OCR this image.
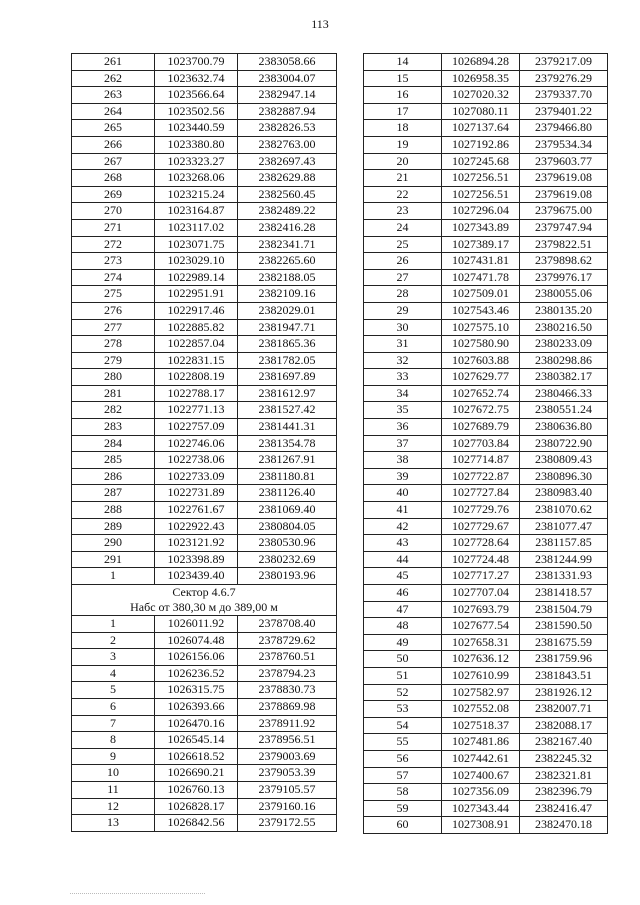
113
261	1023700.79	2383058.66
262	1023632.74	2383004.07
263	1023566.64	2382947.14
264	1023502.56	2382887.94
265	1023440.59	2382826.53
266	1023380.80	2382763.00
267	1023323.27	2382697.43
268	1023268.06	2382629.88
269	1023215.24	2382560.45
270	1023164.87	2382489.22
271	1023117.02	2382416.28
272	1023071.75	2382341.71
273	1023029.10	2382265.60
274	1022989.14	2382188.05
275	1022951.91	2382109.16
276	1022917.46	2382029.01
277	1022885.82	2381947.71
278	1022857.04	2381865.36
279	1022831.15	2381782.05
280	1022808.19	2381697.89
281	1022788.17	2381612.97
282	1022771.13	2381527.42
283	1022757.09	2381441.31
284	1022746.06	2381354.78
285	1022738.06	2381267.91
286	1022733.09	2381180.81
287	1022731.89	2381126.40
288	1022761.67	2381069.40
289	1022922.43	2380804.05
290	1023121.92	2380530.96
291	1023398.89	2380232.69
1	1023439.40	2380193.96

Сектор 4.6.7
Набс от 380,30 м до 389,00 м		

1	1026011.92	2378708.40
2	1026074.48	2378729.62
3	1026156.06	2378760.51
4	1026236.52	2378794.23
5	1026315.75	2378830.73
6	1026393.66	2378869.98
7	1026470.16	2378911.92
8	1026545.14	2378956.51
9	1026618.52	2379003.69
10	1026690.21	2379053.39
11	1026760.13	2379105.57
12	1026828.17	2379160.16
13	1026842.56	2379172.55
14	1026894.28	2379217.09
15	1026958.35	2379276.29
16	1027020.32	2379337.70
17	1027080.11	2379401.22
18	1027137.64	2379466.80
19	1027192.86	2379534.34
20	1027245.68	2379603.77
21	1027256.51	2379619.08
22	1027256.51	2379619.08
23	1027296.04	2379675.00
24	1027343.89	2379747.94
25	1027389.17	2379822.51
26	1027431.81	2379898.62
27	1027471.78	2379976.17
28	1027509.01	2380055.06
29	1027543.46	2380135.20
30	1027575.10	2380216.50
31	1027580.90	2380233.09
32	1027603.88	2380298.86
33	1027629.77	2380382.17
34	1027652.74	2380466.33
35	1027672.75	2380551.24
36	1027689.79	2380636.80
37	1027703.84	2380722.90
38	1027714.87	2380809.43
39	1027722.87	2380896.30
40	1027727.84	2380983.40
41	1027729.76	2381070.62
42	1027729.67	2381077.47
43	1027728.64	2381157.85
44	1027724.48	2381244.99
45	1027717.27	2381331.93
46	1027707.04	2381418.57
47	1027693.79	2381504.79
48	1027677.54	2381590.50
49	1027658.31	2381675.59
50	1027636.12	2381759.96
51	1027610.99	2381843.51
52	1027582.97	2381926.12
53	1027552.08	2382007.71
54	1027518.37	2382088.17
55	1027481.86	2382167.40
56	1027442.61	2382245.32
57	1027400.67	2382321.81
58	1027356.09	2382396.79
59	1027343.44	2382416.47
60	1027308.91	2382470.18
